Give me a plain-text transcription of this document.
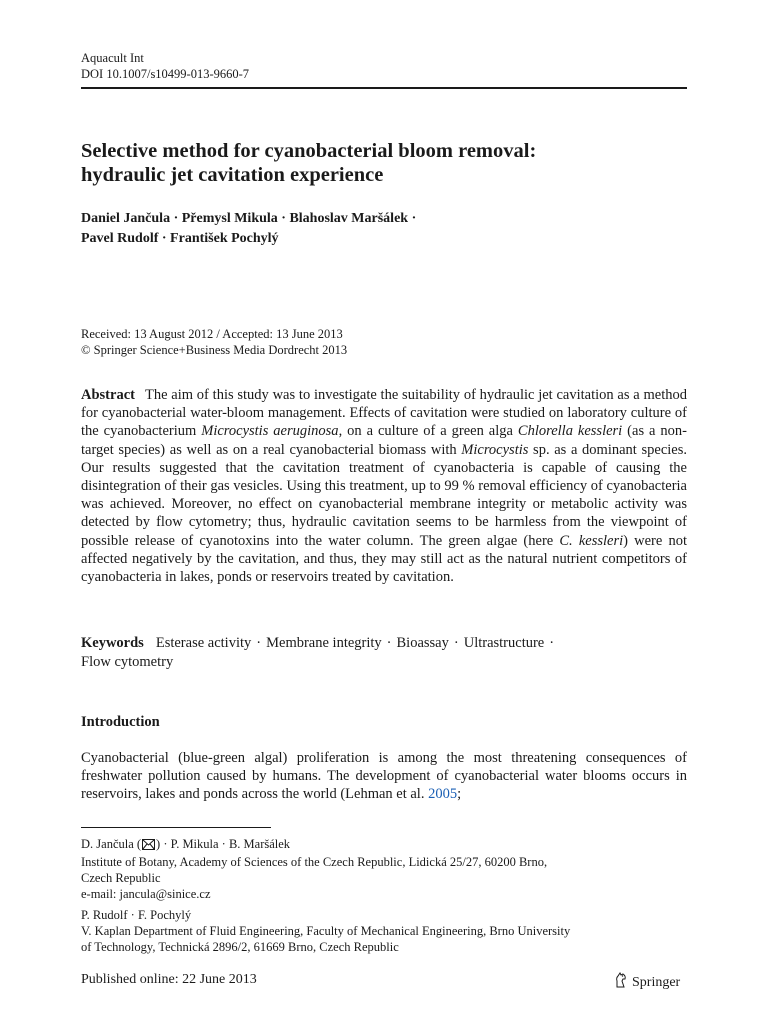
Aquacult Int
DOI 10.1007/s10499-013-9660-7
Selective method for cyanobacterial bloom removal:
hydraulic jet cavitation experience
Daniel Jančula · Přemysl Mikula · Blahoslav Maršálek ·
Pavel Rudolf · František Pochylý
Received: 13 August 2012 / Accepted: 13 June 2013
© Springer Science+Business Media Dordrecht 2013
Abstract The aim of this study was to investigate the suitability of hydraulic jet cavitation as a method for cyanobacterial water-bloom management. Effects of cavitation were studied on laboratory culture of the cyanobacterium Microcystis aeruginosa, on a culture of a green alga Chlorella kessleri (as a non-target species) as well as on a real cyanobacterial biomass with Microcystis sp. as a dominant species. Our results suggested that the cavitation treatment of cyanobacteria is capable of causing the disintegration of their gas vesicles. Using this treatment, up to 99 % removal efficiency of cyanobacteria was achieved. Moreover, no effect on cyanobacterial membrane integrity or metabolic activity was detected by flow cytometry; thus, hydraulic cavitation seems to be harmless from the viewpoint of possible release of cyanotoxins into the water column. The green algae (here C. kessleri) were not affected negatively by the cavitation, and thus, they may still act as the natural nutrient competitors of cyanobacteria in lakes, ponds or reservoirs treated by cavitation.
Keywords Esterase activity · Membrane integrity · Bioassay · Ultrastructure ·
Flow cytometry
Introduction
Cyanobacterial (blue-green algal) proliferation is among the most threatening consequences of freshwater pollution caused by humans. The development of cyanobacterial water blooms occurs in reservoirs, lakes and ponds across the world (Lehman et al. 2005;
D. Jančula ( ) · P. Mikula · B. Maršálek
Institute of Botany, Academy of Sciences of the Czech Republic, Lidická 25/27, 60200 Brno,
Czech Republic
e-mail: jancula@sinice.cz
P. Rudolf · F. Pochylý
V. Kaplan Department of Fluid Engineering, Faculty of Mechanical Engineering, Brno University
of Technology, Technická 2896/2, 61669 Brno, Czech Republic
Published online: 22 June 2013	Springer
